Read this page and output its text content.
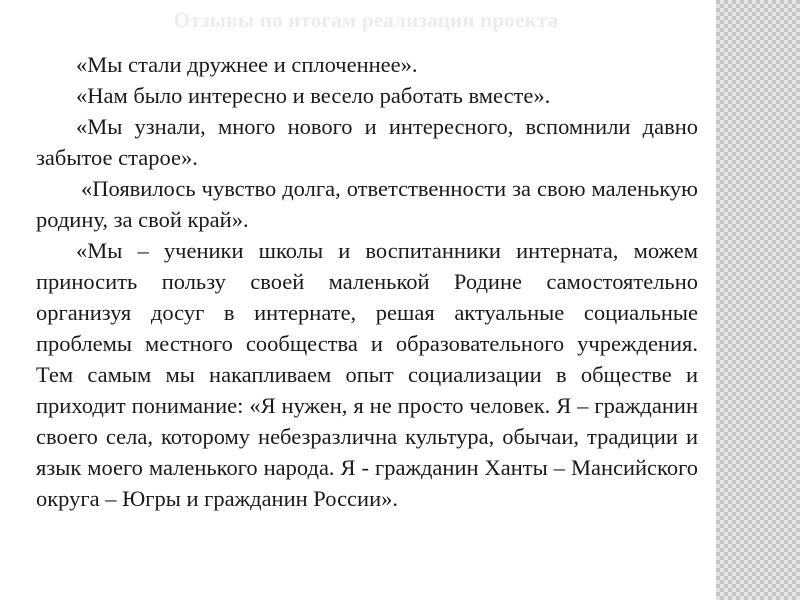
Отзывы по итогам реализации проекта

«Мы стали дружнее и сплоченнее».

«Нам было интересно и весело работать вместе».

«Мы узнали, много нового и интересного, вспомнили давно забытое старое».

«Появилось чувство долга, ответственности за свою маленькую родину, за свой край».

«Мы – ученики школы и воспитанники интерната, можем приносить пользу своей маленькой Родине самостоятельно организуя досуг в интернате, решая актуальные социальные проблемы местного сообщества и образовательного учреждения. Тем самым мы накапливаем опыт социализации в обществе и приходит понимание: «Я нужен, я не просто человек. Я – гражданин своего села, которому небезразлична культура, обычаи, традиции и язык моего маленького народа. Я - гражданин Ханты – Мансийского округа – Югры и гражданин России».
